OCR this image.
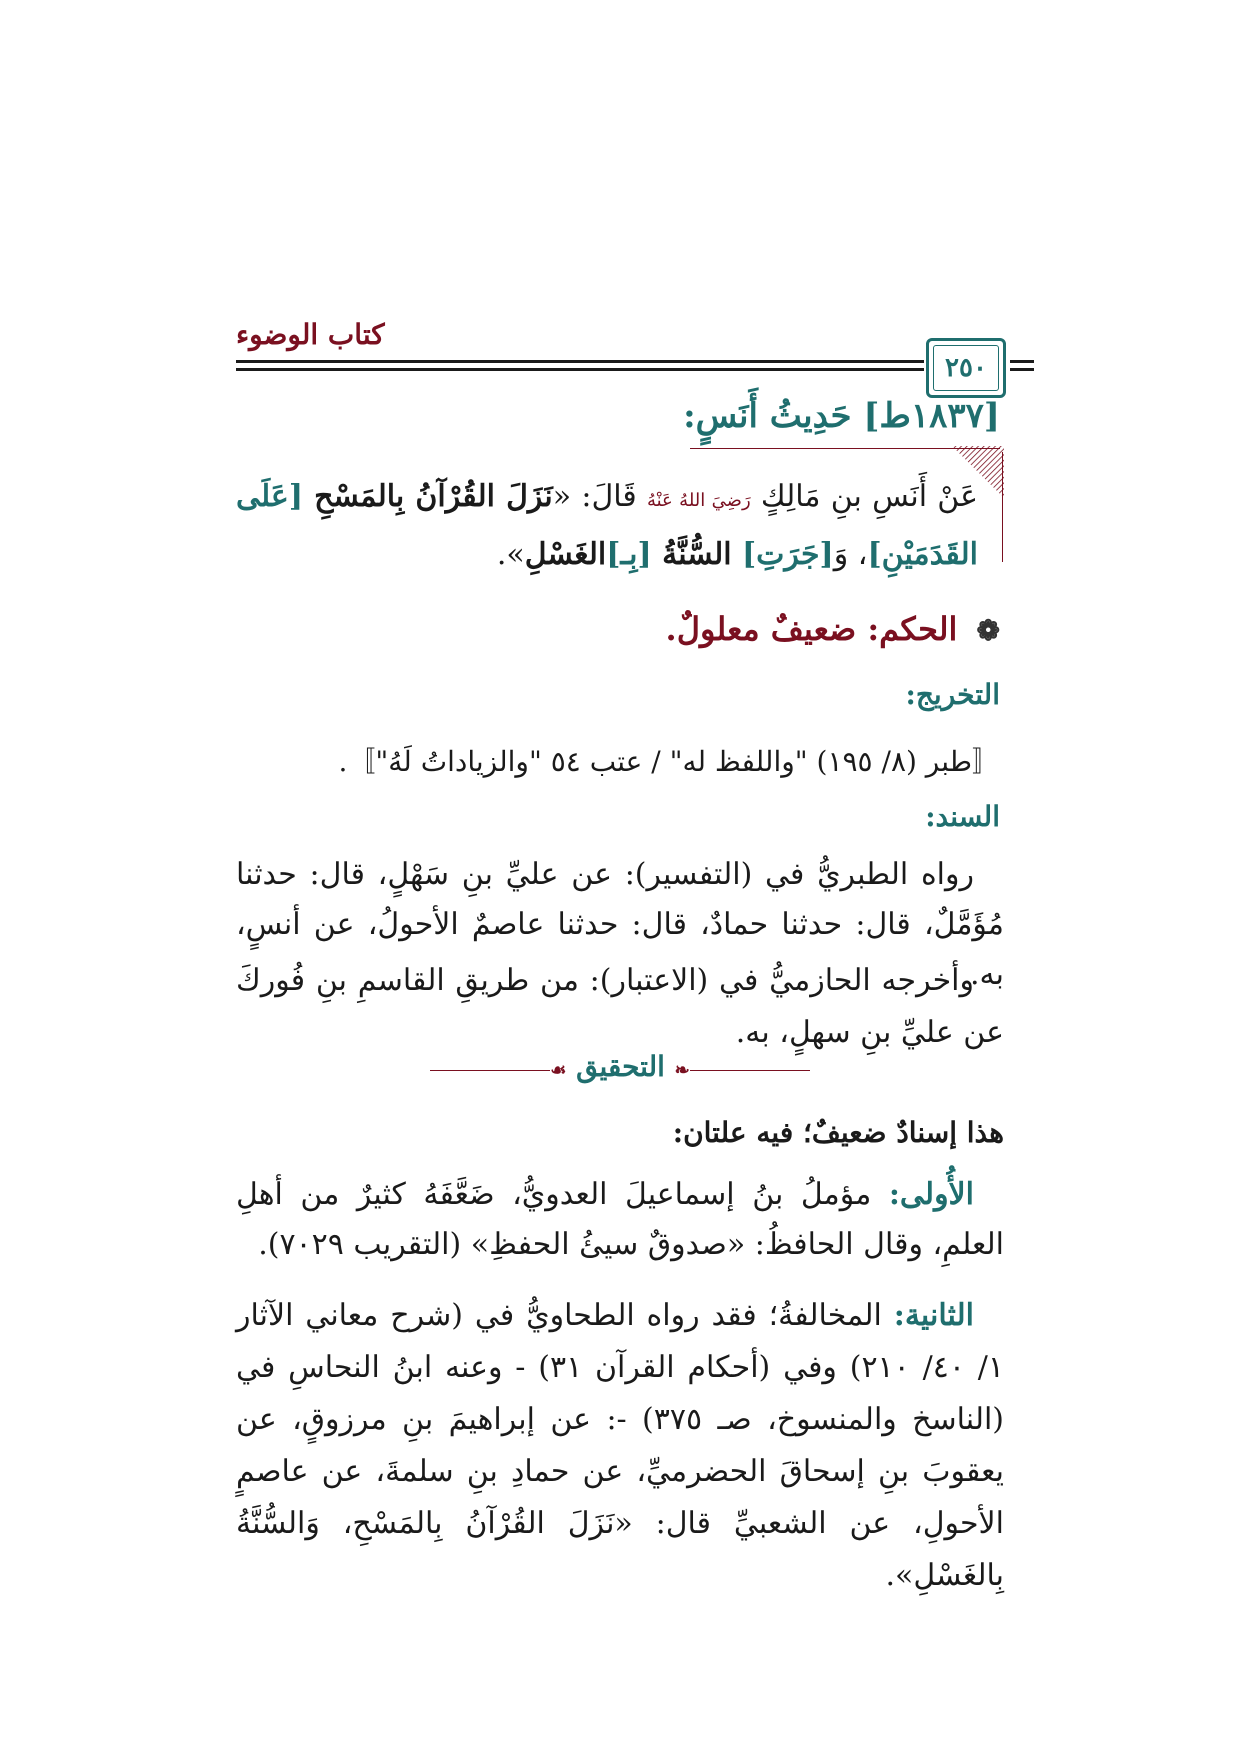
كتاب الوضوء
٢٥٠
[١٨٣٧ط] حَدِيثُ أَنَسٍ:
عَنْ أَنَسِ بنِ مَالِكٍ رَضِيَ اللهُ عَنْهُ قَالَ: «نَزَلَ القُرْآنُ بِالمَسْحِ [عَلَى القَدَمَيْنِ]، وَ[جَرَتِ] السُّنَّةُ [بِـ]الغَسْلِ».
❁ الحكم: ضعيفٌ معلولٌ.
التخريج:
〚طبر (٨/ ١٩٥) "واللفظ له" / عتب ٥٤ "والزياداتُ لَهُ"〛.
السند:

رواه الطبريُّ في (التفسير): عن عليِّ بنِ سَهْلٍ، قال: حدثنا مُؤَمَّلٌ، قال: حدثنا حمادٌ، قال: حدثنا عاصمٌ الأحولُ، عن أنسٍ، به.

وأخرجه الحازميُّ في (الاعتبار): من طريقِ القاسمِ بنِ فُوركَ عن عليِّ بنِ سهلٍ، به.

❧ التحقيق ☙
هذا إسنادٌ ضعيفٌ؛ فيه علتان:

الأُولى: مؤملُ بنُ إسماعيلَ العدويُّ، ضَعَّفَهُ كثيرٌ من أهلِ العلمِ، وقال الحافظُ: «صدوقٌ سيئُ الحفظِ» (التقريب ٧٠٢٩).

الثانية: المخالفةُ؛ فقد رواه الطحاويُّ في (شرح معاني الآثار ١/ ٤٠/ ٢١٠) وفي (أحكام القرآن ٣١) - وعنه ابنُ النحاسِ في (الناسخ والمنسوخ، صـ ٣٧٥) -: عن إبراهيمَ بنِ مرزوقٍ، عن يعقوبَ بنِ إسحاقَ الحضرميِّ، عن حمادِ بنِ سلمةَ، عن عاصمٍ الأحولِ، عن الشعبيِّ قال: «نَزَلَ القُرْآنُ بِالمَسْحِ، وَالسُّنَّةُ بِالغَسْلِ».
